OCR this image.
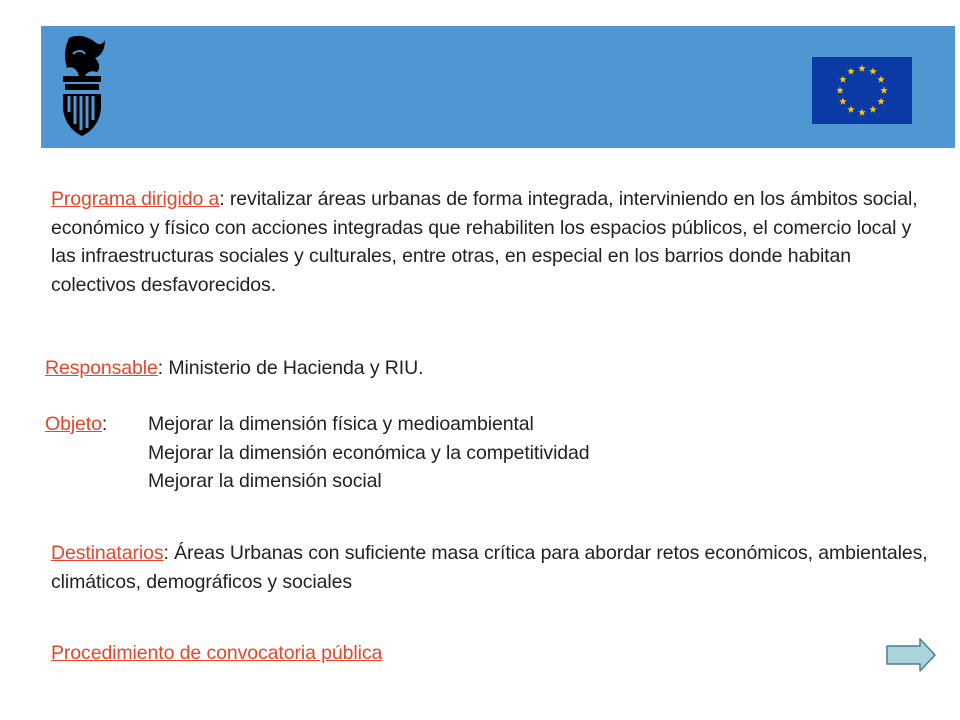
Programa dirigido a: revitalizar áreas urbanas de forma integrada, interviniendo en los ámbitos social, económico y físico con acciones integradas que rehabiliten los espacios públicos, el comercio local y las infraestructuras sociales y culturales, entre otras, en especial en los barrios donde habitan colectivos desfavorecidos.
Responsable: Ministerio de Hacienda y RIU.
Objeto:	Mejorar la dimensión física y medioambiental
Mejorar la dimensión económica y la competitividad
Mejorar la dimensión social
Destinatarios: Áreas Urbanas con suficiente masa crítica para abordar retos económicos, ambientales, climáticos, demográficos y sociales
Procedimiento de convocatoria pública
